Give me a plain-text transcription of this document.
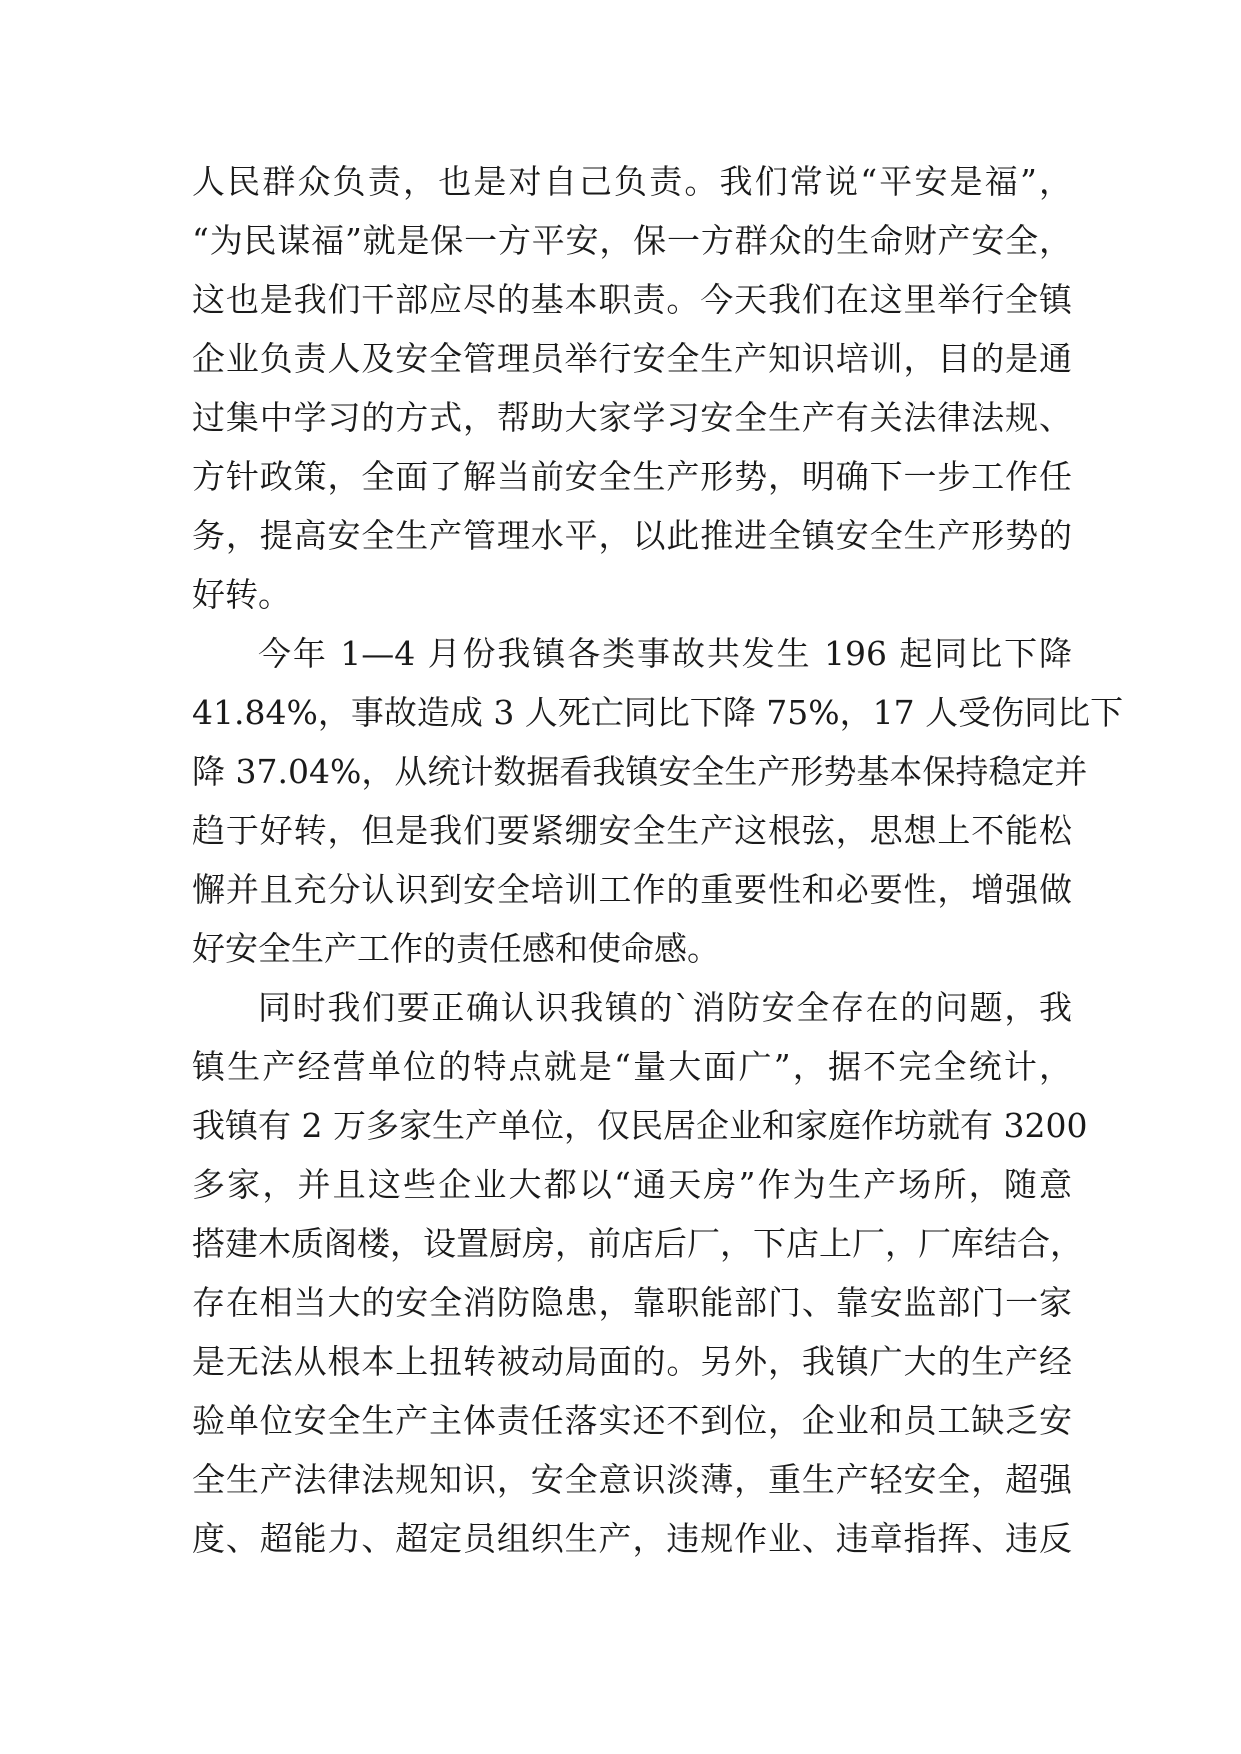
人民群众负责，也是对自己负责。我们常说“平安是福”，
“为民谋福”就是保一方平安，保一方群众的生命财产安全，
这也是我们干部应尽的基本职责。今天我们在这里举行全镇
企业负责人及安全管理员举行安全生产知识培训，目的是通
过集中学习的方式，帮助大家学习安全生产有关法律法规、
方针政策，全面了解当前安全生产形势，明确下一步工作任
务，提高安全生产管理水平，以此推进全镇安全生产形势的
好转。
今年 1—4 月份我镇各类事故共发生 196 起同比下降
41.84%，事故造成 3 人死亡同比下降 75%，17 人受伤同比下
降 37.04%，从统计数据看我镇安全生产形势基本保持稳定并
趋于好转，但是我们要紧绷安全生产这根弦，思想上不能松
懈并且充分认识到安全培训工作的重要性和必要性，增强做
好安全生产工作的责任感和使命感。
同时我们要正确认识我镇的`消防安全存在的问题，我
镇生产经营单位的特点就是“量大面广”，据不完全统计，
我镇有 2 万多家生产单位，仅民居企业和家庭作坊就有 3200
多家，并且这些企业大都以“通天房”作为生产场所，随意
搭建木质阁楼，设置厨房，前店后厂，下店上厂，厂库结合，
存在相当大的安全消防隐患，靠职能部门、靠安监部门一家
是无法从根本上扭转被动局面的。另外，我镇广大的生产经
验单位安全生产主体责任落实还不到位，企业和员工缺乏安
全生产法律法规知识，安全意识淡薄，重生产轻安全，超强
度、超能力、超定员组织生产，违规作业、违章指挥、违反
